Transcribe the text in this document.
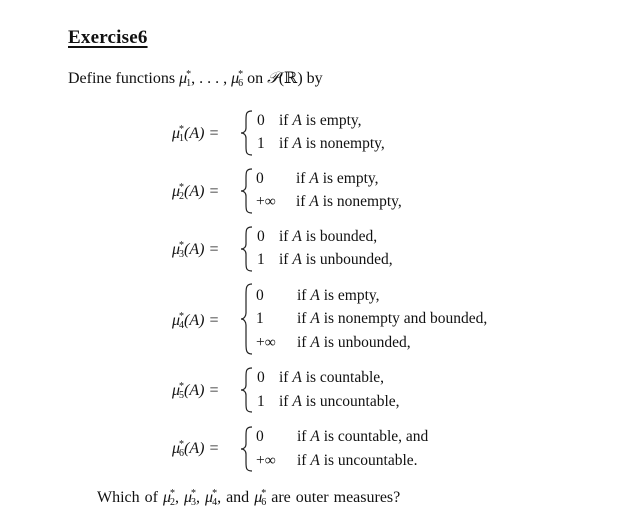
Exercise6
Define functions $\mu_1^*$, . . . , $\mu_6^*$ on 𝒫(ℝ) by
$\mu_1^*(A)$ =
0 if A is empty,
1 if A is nonempty,
$\mu_2^*(A)$ =
0 if A is empty,
+∞ if A is nonempty,
$\mu_3^*(A)$ =
0 if A is bounded,
1 if A is unbounded,
$\mu_4^*(A)$ =
0 if A is empty,
1 if A is nonempty and bounded,
+∞ if A is unbounded,
$\mu_5^*(A)$ =
0 if A is countable,
1 if A is uncountable,
$\mu_6^*(A)$ =
0 if A is countable, and
+∞ if A is uncountable.
Which of $\mu_2^*$, $\mu_3^*$, $\mu_4^*$, and $\mu_6^*$ are outer measures?
